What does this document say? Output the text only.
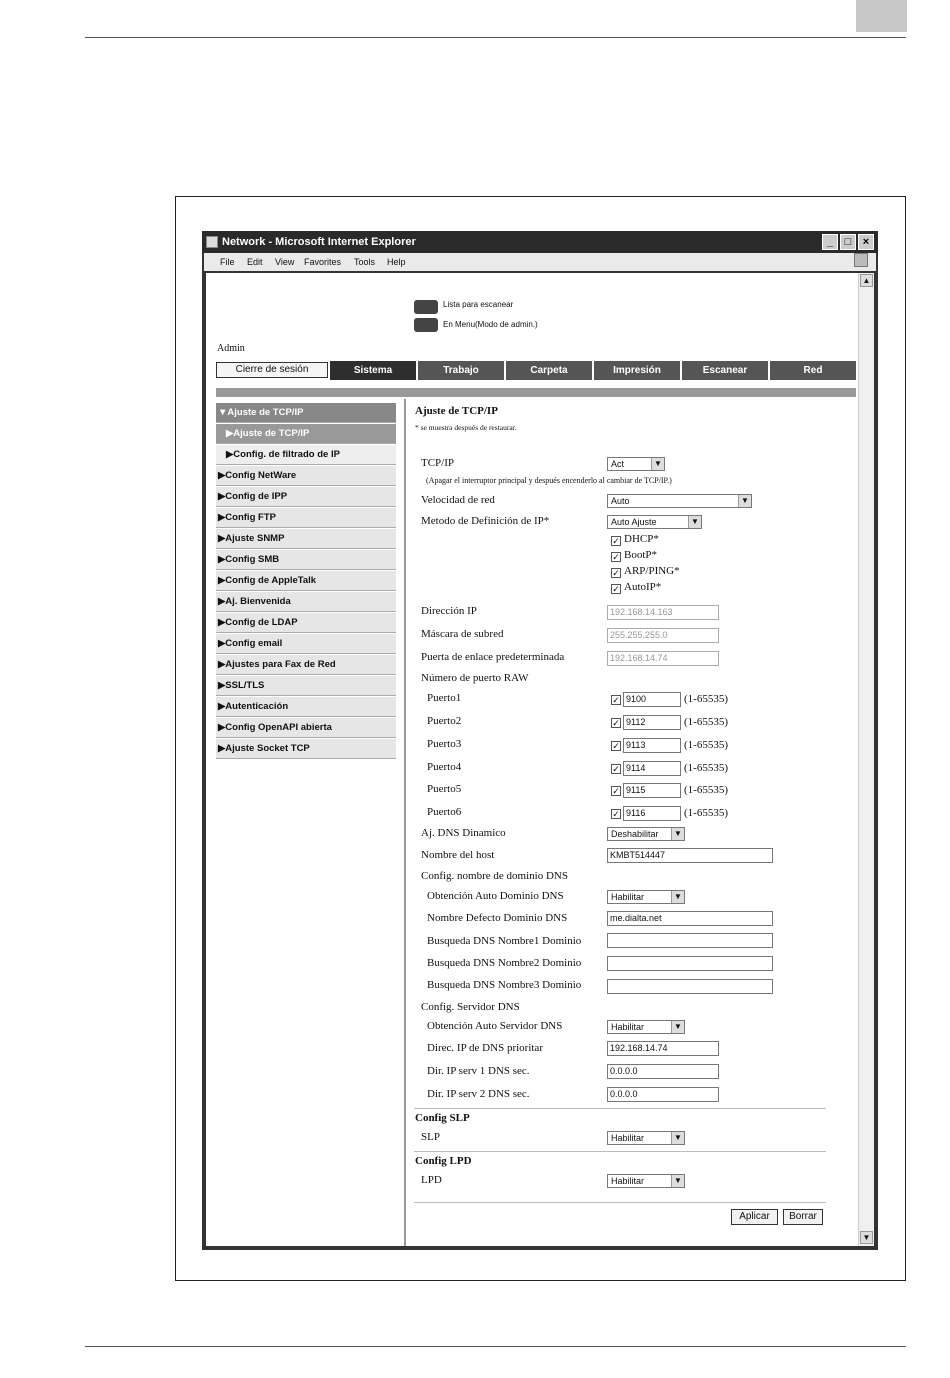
Network - Microsoft Internet Explorer	_	□	×
File Edit View Favorites Tools Help
Lista para escanear
En Menu(Modo de admin.)
Admin
Cierre de sesión	Sistema	Trabajo	Carpeta	Impresión	Escanear	Red
▼Ajuste de TCP/IP
▶Ajuste de TCP/IP
▶Config. de filtrado de IP
▶Config NetWare
▶Config de IPP
▶Config FTP
▶Ajuste SNMP
▶Config SMB
▶Config de AppleTalk
▶Aj. Bienvenida
▶Config de LDAP
▶Config email
▶Ajustes para Fax de Red
▶SSL/TLS
▶Autenticación
▶Config OpenAPI abierta
▶Ajuste Socket TCP
Ajuste de TCP/IP
* se muestra después de restaurar.
TCP/IP	Act	▼
(Apagar el interruptor principal y después encenderlo al cambiar de TCP/IP.)
Velocidad de red	Auto	▼
Metodo de Definición de IP*	Auto Ajuste	▼
✓ DHCP*
✓ BootP*
✓ ARP/PING*
✓ AutoIP*
Dirección IP	192.168.14.163
Máscara de subred	255.255.255.0
Puerta de enlace predeterminada	192.168.14.74
Número de puerto RAW
Puerto1	✓ 9100	(1-65535)
Puerto2	✓ 9112	(1-65535)
Puerto3	✓ 9113	(1-65535)
Puerto4	✓ 9114	(1-65535)
Puerto5	✓ 9115	(1-65535)
Puerto6	✓ 9116	(1-65535)
Aj. DNS Dinamico	Deshabilitar	▼
Nombre del host	KMBT514447
Config. nombre de dominio DNS
Obtención Auto Dominio DNS	Habilitar	▼
Nombre Defecto Dominio DNS	me.dialta.net
Busqueda DNS Nombre1 Dominio
Busqueda DNS Nombre2 Dominio
Busqueda DNS Nombre3 Dominio
Config. Servidor DNS
Obtención Auto Servidor DNS	Habilitar	▼
Direc. IP de DNS prioritar	192.168.14.74
Dir. IP serv 1 DNS sec.	0.0.0.0
Dir. IP serv 2 DNS sec.	0.0.0.0
Config SLP
SLP	Habilitar	▼
Config LPD
LPD	Habilitar	▼
Aplicar	Borrar
▲
▼
